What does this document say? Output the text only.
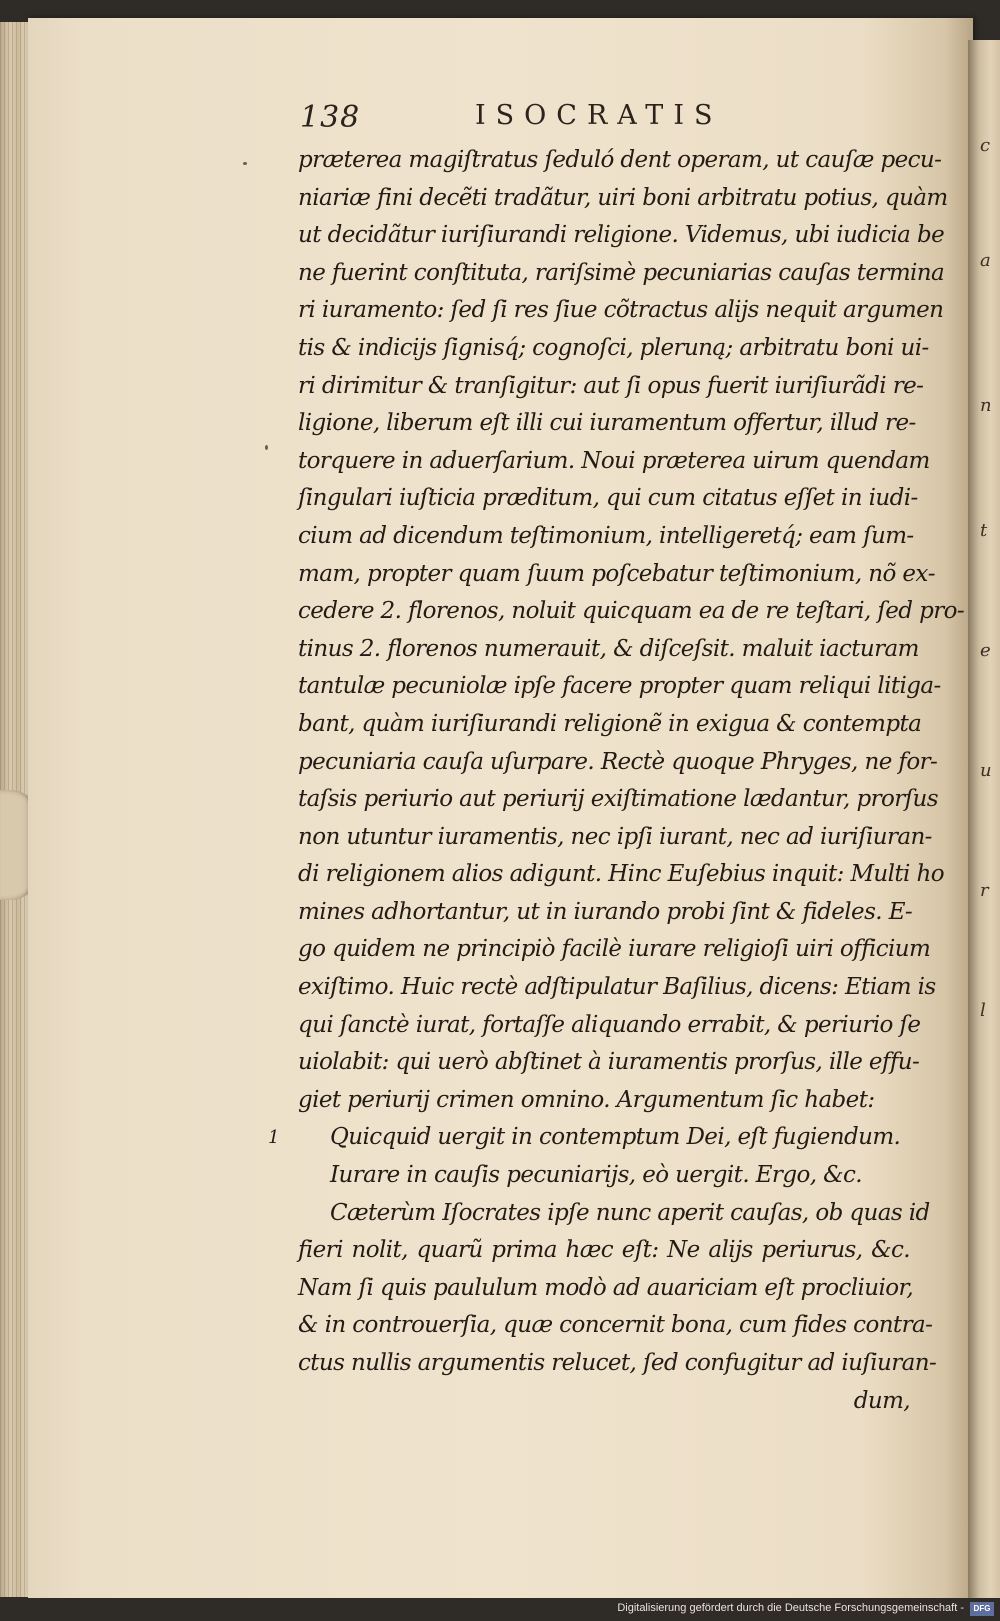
c
a
n
t
e
u
r
l
138	ISOCRATIS
præterea magiſtratus ſeduló dent operam, ut cauſæ pecu‑
niariæ fini decẽti tradãtur, uiri boni arbitratu potius, quàm
ut decidãtur iuriſiurandi religione. Videmus, ubi iudicia be
ne fuerint conſtituta, rariſsimè pecuniarias cauſas termina
ri iuramento: ſed ſi res ſiue cõtractus alijs nequit argumen
tis & indicijs ſignisq́; cognoſci, pleruną; arbitratu boni ui‑
ri dirimitur & tranſigitur: aut ſi opus fuerit iuriſiurãdi re‑
ligione, liberum eſt illi cui iuramentum offertur, illud re‑
torquere in aduerſarium. Noui præterea uirum quendam
ſingulari iuſticia præditum, qui cum citatus eſſet in iudi‑
cium ad dicendum teſtimonium, intelligeretq́; eam ſum‑
mam, propter quam ſuum poſcebatur teſtimonium, nõ ex‑
cedere 2. florenos, noluit quicquam ea de re teſtari, ſed pro‑
tinus 2. florenos numerauit, & diſceſsit. maluit iacturam
tantulæ pecuniolæ ipſe facere propter quam reliqui litiga‑
bant, quàm iuriſiurandi religionẽ in exigua & contempta
pecuniaria cauſa uſurpare. Rectè quoque Phryges, ne for‑
taſsis periurio aut periurij exiſtimatione lædantur, prorſus
non utuntur iuramentis, nec ipſi iurant, nec ad iuriſiuran‑
di religionem alios adigunt. Hinc Euſebius inquit: Multi ho
mines adhortantur, ut in iurando probi ſint & fideles. E‑
go quidem ne principiò facilè iurare religioſi uiri officium
exiſtimo. Huic rectè adſtipulatur Baſilius, dicens: Etiam is
qui ſanctè iurat, fortaſſe aliquando errabit, & periurio ſe
uiolabit: qui uerò abſtinet à iuramentis prorſus, ille effu‑
giet periurij crimen omnino. Argumentum ſic habet:
1 Quicquid uergit in contemptum Dei, eſt fugiendum.
Iurare in cauſis pecuniarijs, eò uergit. Ergo, &c.
Cæterùm Iſocrates ipſe nunc aperit cauſas, ob quas id
fieri nolit, quarũ prima hæc eſt: Ne alijs periurus, &c.
Nam ſi quis paululum modò ad auariciam eſt procliuior,
& in controuerſia, quæ concernit bona, cum fides contra‑
ctus nullis argumentis relucet, ſed confugitur ad iuſiuran‑
dum,
Digitalisierung gefördert durch die Deutsche Forschungsgemeinschaft -	DFG
